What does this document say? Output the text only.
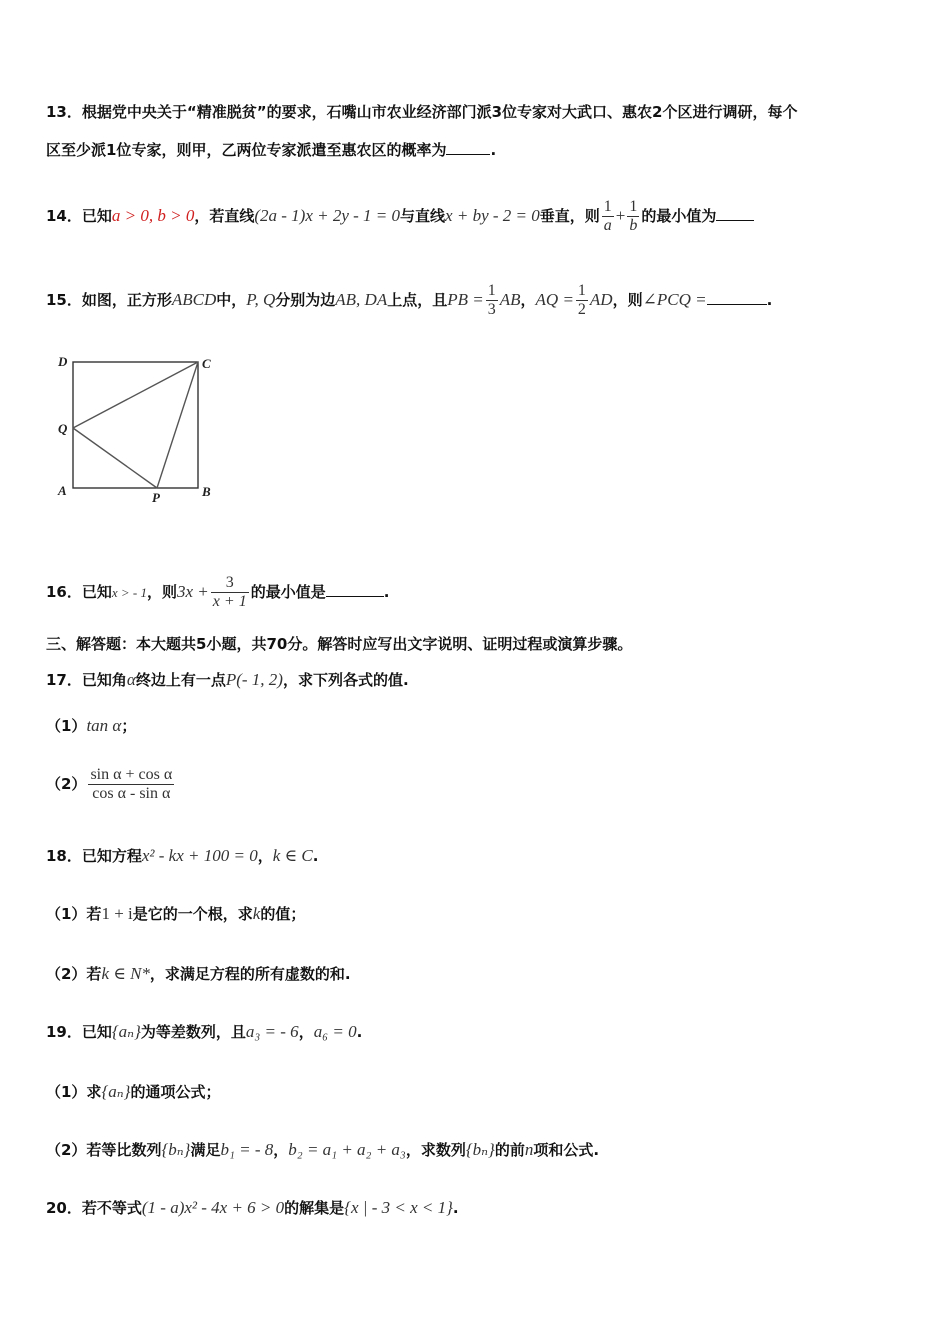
13．根据党中央关于“精准脱贫”的要求，石嘴山市农业经济部门派3位专家对大武口、惠农2个区进行调研，每个
区至少派1位专家，则甲，乙两位专家派遣至惠农区的概率为	.
14．已知a > 0, b > 0，若直线(2a - 1)x + 2y - 1 = 0与直线x + by - 2 = 0垂直，则 $\frac{1}{a} + \frac{1}{b}$ 的最小值为
15．如图，正方形ABCD中，P, Q分别为边AB, DA上点，且PB = $\frac{1}{3}$ AB，AQ = $\frac{1}{2}$ AD，则∠PCQ =	.
D	C
Q
A	P	B
16．已知x > - 1，则$3x + \frac{3}{x + 1}$ 的最小值是	.
三、解答题：本大题共5小题，共70分。解答时应写出文字说明、证明过程或演算步骤。
17．已知角α终边上有一点P(- 1, 2)，求下列各式的值.
（1）tan α；
$(2) \frac{\text{sin α + cos α}}{\text{cos α - sin α}}$
18．已知方程x² - kx + 100 = 0，k ∈ C.
（1）若1 + i是它的一个根，求k的值；
（2）若k ∈ N*，求满足方程的所有虚数的和.
19．已知{aₙ}为等差数列，且a₃ = - 6，a₆ = 0.
（1）求{aₙ}的通项公式；
（2）若等比数列{bₙ}满足b₁ = - 8，b₂ = a₁ + a₂ + a₃，求数列{bₙ}的前n项和公式.
20．若不等式(1 - a)x² - 4x + 6 > 0的解集是{x | - 3 < x < 1}.
